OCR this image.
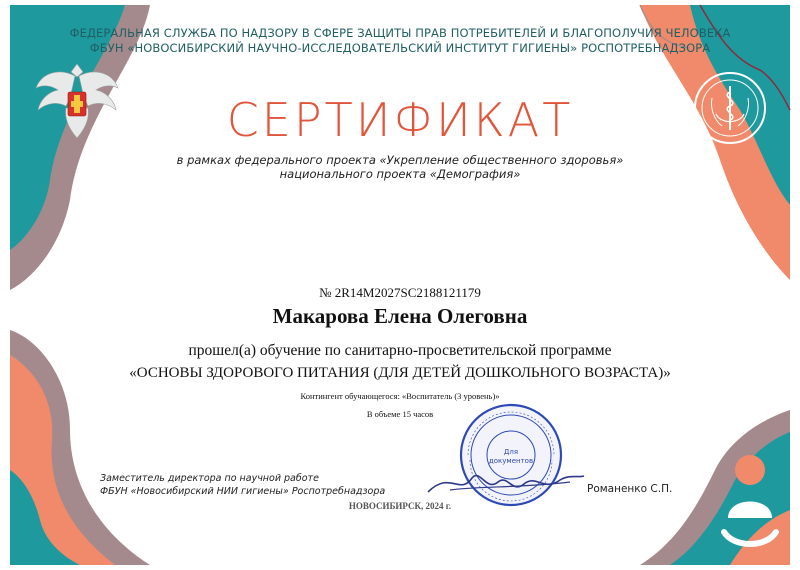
ФЕДЕРАЛЬНАЯ СЛУЖБА ПО НАДЗОРУ В СФЕРЕ ЗАЩИТЫ ПРАВ ПОТРЕБИТЕЛЕЙ И БЛАГОПОЛУЧИЯ ЧЕЛОВЕКА
ФБУН «НОВОСИБИРСКИЙ НАУЧНО-ИССЛЕДОВАТЕЛЬСКИЙ ИНСТИТУТ ГИГИЕНЫ» РОСПОТРЕБНАДЗОРА
СЕРТИФИКАТ
в рамках федерального проекта «Укрепление общественного здоровья»
национального проекта «Демография»
№ 2R14M2027SC2188121179
Макарова Елена Олеговна
прошел(а) обучение по санитарно-просветительской программе
«ОСНОВЫ ЗДОРОВОГО ПИТАНИЯ (ДЛЯ ДЕТЕЙ ДОШКОЛЬНОГО ВОЗРАСТА)»
Контингент обучающегося: «Воспитатель (3 уровень)»
В объеме 15 часов
Для
документов
Заместитель директора по научной работе
ФБУН «Новосибирский НИИ гигиены» Роспотребнадзора	Романенко С.П.
НОВОСИБИРСК, 2024 г.
